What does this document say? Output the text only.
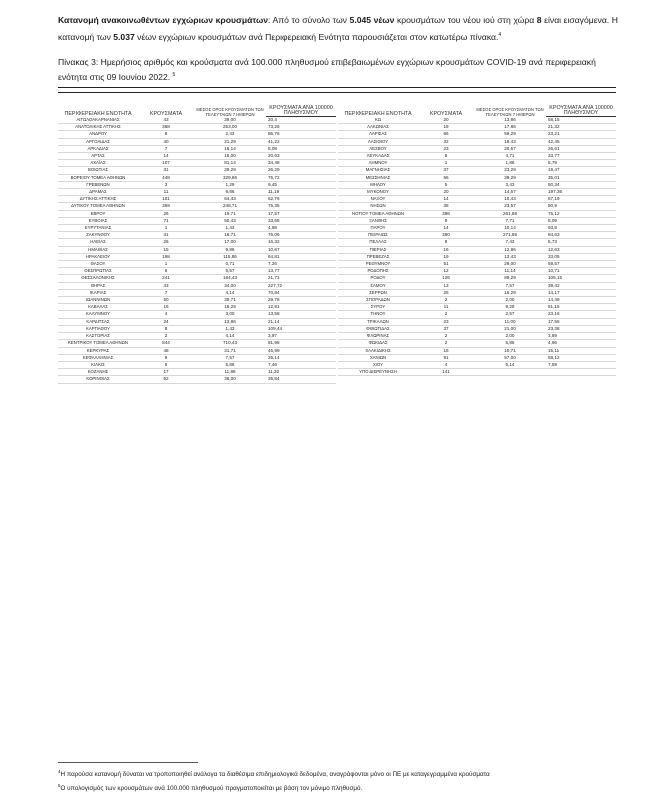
Κατανομή ανακοινωθέντων εγχώριων κρουσμάτων: Από το σύνολο των 5.045 νέων κρουσμάτων του νέου ιού στη χώρα 8 είναι εισαγόμενα. Η κατανομή των 5.037 νέων εγχώριων κρουσμάτων ανά Περιφερειακή Ενότητα παρουσιάζεται στον κατωτέρω πίνακα.$^4$
Πίνακας 3: Ημερήσιος αριθμός και κρούσματα ανά 100.000 πληθυσμού επιβεβαιωμένων εγχώριων κρουσμάτων COVID-19 ανά περιφερειακή ενότητα στις 09 Ιουνίου 2022. $^5$
ΠΕΡΙΦΕΡΕΙΑΚΗ ΕΝΟΤΗΤΑ	ΚΡΟΥΣΜΑΤΑ	ΜΕΣΟΣ ΟΡΟΣ ΚΡΟΥΣΜΑΤΩΝ ΤΩΝ ΤΕΛΕΥΤΑΙΩΝ 7 ΗΜΕΡΩΝ	ΚΡΟΥΣΜΑΤΑ ΑΝΑ 100000 ΠΛΗΘΥΣΜΟΥ
ΑΙΤΩΛΟΑΚΑΡΝΑΝΙΑΣ	43	39,00	20,4
ΑΝΑΤΟΛΙΚΗΣ ΑΤΤΙΚΗΣ	368	253,00	73,26
ΑΝΔΡΟΥ	8	2,43	86,76
ΑΡΓΟΛΙΔΑΣ	40	21,29	41,22
ΑΡΚΑΔΙΑΣ	7	16,14	8,08
ΑΡΤΑΣ	14	16,00	20,63
ΑΧΑΪΑΣ	107	81,14	34,48
ΒΟΙΩΤΙΑΣ	31	29,29	26,29
ΒΟΡΕΙΟΥ ΤΟΜΕΑ ΑΘΗΝΩΝ	448	329,86	75,72
ΓΡΕΒΕΝΩΝ	3	1,29	9,45
ΔΡΑΜΑΣ	11	9,86	11,19
ΔΥΤΙΚΗΣ ΑΤΤΙΚΗΣ	101	64,43	62,76
ΔΥΤΙΚΟΥ ΤΟΜΕΑ ΑΘΗΝΩΝ	369	248,71	75,35
ΕΒΡΟΥ	26	19,71	17,57
ΕΥΒΟΙΑΣ	71	50,43	33,68
ΕΥΡΥΤΑΝΙΑΣ	1	1,43	4,98
ΖΑΚΥΝΘΟΥ	31	16,71	76,06
ΗΛΕΙΑΣ	26	17,00	16,32
ΗΜΑΘΙΑΣ	15	9,86	10,67
ΗΡΑΚΛΕΙΟΥ	198	115,86	64,81
ΘΑΣΟΥ	1	0,71	7,26
ΘΕΣΠΡΩΤΙΑΣ	6	5,57	13,77
ΘΕΣΣΑΛΟΝΙΚΗΣ	241	184,43	21,71
ΘΗΡΑΣ	43	34,00	227,72
ΙΚΑΡΙΑΣ	7	4,14	70,84
ΙΩΑΝΝΙΝΩΝ	50	39,71	29,78
ΚΑΒΑΛΑΣ	16	15,29	12,81
ΚΑΛΥΜΝΟΥ	4	3,00	13,58
ΚΑΡΔΙΤΣΑΣ	24	13,86	21,14
ΚΑΡΠΑΘΟΥ	8	1,43	109,44
ΚΑΣΤΟΡΙΑΣ	2	4,14	3,97
ΚΕΝΤΡΙΚΟΥ ΤΟΜΕΑ ΑΘΗΝΩΝ	844	710,43	81,98
ΚΕΡΚΥΡΑΣ	48	31,71	45,99
ΚΕΦΑΛΛΗΝΙΑΣ	9	7,57	25,14
ΚΙΛΚΙΣ	6	5,86	7,46
ΚΟΖΑΝΗΣ	17	11,86	11,32
ΚΟΡΙΝΘΙΑΣ	52	36,00	35,84
ΠΕΡΙΦΕΡΕΙΑΚΗ ΕΝΟΤΗΤΑ	ΚΡΟΥΣΜΑΤΑ	ΜΕΣΟΣ ΟΡΟΣ ΚΡΟΥΣΜΑΤΩΝ ΤΩΝ ΤΕΛΕΥΤΑΙΩΝ 7 ΗΜΕΡΩΝ	ΚΡΟΥΣΜΑΤΑ ΑΝΑ 100000 ΠΛΗΘΥΣΜΟΥ
ΚΩ	20	13,86	58,15
ΛΑΚΩΝΙΑΣ	19	17,86	21,32
ΛΑΡΙΣΑΣ	66	59,29	23,21
ΛΑΣΙΘΙΟΥ	32	19,43	42,45
ΛΕΣΒΟΥ	23	20,57	26,61
ΛΕΥΚΑΔΑΣ	8	4,71	33,77
ΛΗΜΝΟΥ	1	1,86	5,79
ΜΑΓΝΗΣΙΑΣ	37	23,29	19,47
ΜΕΣΣΗΝΙΑΣ	56	39,29	35,01
ΜΗΛΟΥ	5	3,43	50,34
ΜΥΚΟΝΟΥ	20	14,57	197,36
ΝΑΞΟΥ	14	10,43	67,19
ΝΗΣΩΝ	38	23,57	50,9
ΝΟΤΙΟΥ ΤΟΜΕΑ ΑΘΗΝΩΝ	398	261,86	75,12
ΞΑΝΘΗΣ	9	7,71	8,09
ΠΑΡΟΥ	14	10,14	93,8
ΠΕΙΡΑΙΩΣ	380	271,86	84,63
ΠΕΛΛΑΣ	8	7,43	5,73
ΠΙΕΡΙΑΣ	16	12,86	12,63
ΠΡΕΒΕΖΑΣ	19	13,43	33,05
ΡΕΘΥΜΝΟΥ	51	29,00	59,57
ΡΟΔΟΠΗΣ	12	11,14	10,71
ΡΟΔΟΥ	126	89,29	105,15
ΣΑΜΟΥ	13	7,57	39,42
ΣΕΡΡΩΝ	25	16,29	14,17
ΣΠΟΡΑΔΩΝ	2	2,00	14,49
ΣΥΡΟΥ	11	9,29	51,15
ΤΗΝΟΥ	2	2,57	23,16
ΤΡΙΚΑΛΩΝ	23	11,00	17,55
ΦΘΙΩΤΙΔΑΣ	37	21,00	23,38
ΦΛΩΡΙΝΑΣ	2	2,00	3,89
ΦΩΚΙΔΑΣ	2	5,86	4,96
ΧΑΛΚΙΔΙΚΗΣ	16	10,71	15,11
ΧΑΝΙΩΝ	91	57,00	58,12
ΧΙΟΥ	4	5,14	7,59
ΥΠΟ ΔΙΕΡΕΥΝΗΣΗ	141		
$^4$Η παρούσα κατανομή δύναται να τροποποιηθεί ανάλογα τα διαθέσιμα επιδημιολογικά δεδομένα, αναγράφονται μόνο οι ΠΕ με καταγεγραμμένα κρούσματα
$^5$Ο υπολογισμός των κρουσμάτων ανά 100.000 πληθυσμού πραγματοποιείται με βάση τον μόνιμο πληθυσμό.
